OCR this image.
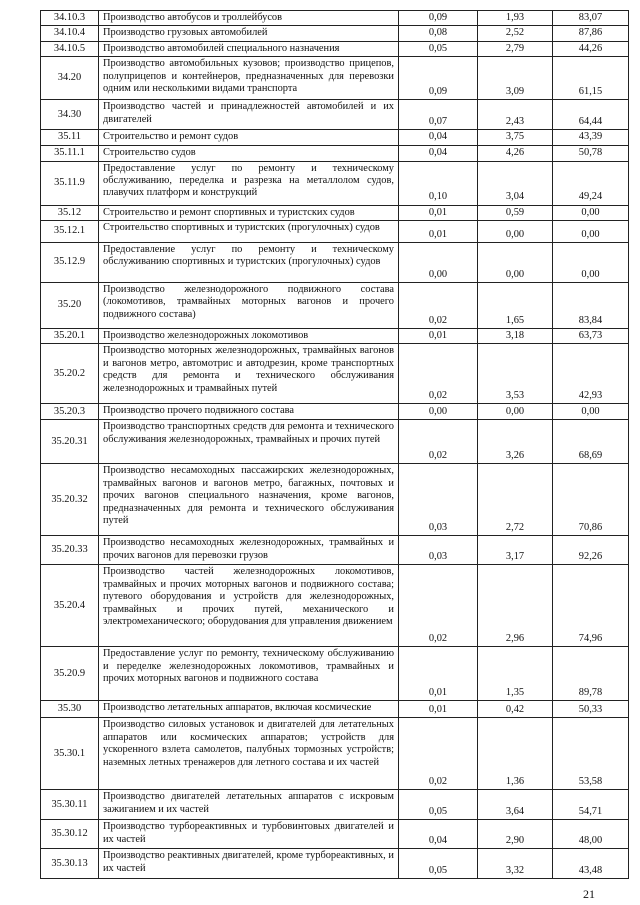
34.10.3	Производство автобусов и троллейбусов	0,09	1,93	83,07
34.10.4	Производство грузовых автомобилей	0,08	2,52	87,86
34.10.5	Производство автомобилей специального назначения	0,05	2,79	44,26
34.20	Производство автомобильных кузовов; производство прицепов, полуприцепов и контейнеров, предназначенных для перевозки одним или несколькими видами транспорта	0,09	3,09	61,15
34.30	Производство частей и принадлежностей автомобилей и их двигателей	0,07	2,43	64,44
35.11	Строительство и ремонт судов	0,04	3,75	43,39
35.11.1	Строительство судов	0,04	4,26	50,78
35.11.9	Предоставление услуг по ремонту и техническому обслуживанию, переделка и разрезка на металлолом судов, плавучих платформ и конструкций	0,10	3,04	49,24
35.12	Строительство и ремонт спортивных и туристских судов	0,01	0,59	0,00
35.12.1	Строительство спортивных и туристских (прогулочных) судов	0,01	0,00	0,00
35.12.9	Предоставление услуг по ремонту и техническому обслуживанию спортивных и туристских (прогулочных) судов	0,00	0,00	0,00
35.20	Производство железнодорожного подвижного состава (локомотивов, трамвайных моторных вагонов и прочего подвижного состава)	0,02	1,65	83,84
35.20.1	Производство железнодорожных локомотивов	0,01	3,18	63,73
35.20.2	Производство моторных железнодорожных, трамвайных вагонов и вагонов метро, автомотрис и автодрезин, кроме транспортных средств для ремонта и технического обслуживания железнодорожных и трамвайных путей	0,02	3,53	42,93
35.20.3	Производство прочего подвижного состава	0,00	0,00	0,00
35.20.31	Производство транспортных средств для ремонта и технического обслуживания железнодорожных, трамвайных и прочих путей	0,02	3,26	68,69
35.20.32	Производство несамоходных пассажирских железнодорожных, трамвайных вагонов и вагонов метро, багажных, почтовых и прочих вагонов специального назначения, кроме вагонов, предназначенных для ремонта и технического обслуживания путей	0,03	2,72	70,86
35.20.33	Производство несамоходных железнодорожных, трамвайных и прочих вагонов для перевозки грузов	0,03	3,17	92,26
35.20.4	Производство частей железнодорожных локомотивов, трамвайных и прочих моторных вагонов и подвижного состава; путевого оборудования и устройств для железнодорожных, трамвайных и прочих путей, механического и электромеханического; оборудования для управления движением	0,02	2,96	74,96
35.20.9	Предоставление услуг по ремонту, техническому обслуживанию и переделке железнодорожных локомотивов, трамвайных и прочих моторных вагонов и подвижного состава	0,01	1,35	89,78
35.30	Производство летательных аппаратов, включая космические	0,01	0,42	50,33
35.30.1	Производство силовых установок и двигателей для летательных аппаратов или космических аппаратов; устройств для ускоренного взлета самолетов, палубных тормозных устройств; наземных летных тренажеров для летного состава и их частей	0,02	1,36	53,58
35.30.11	Производство двигателей летательных аппаратов с искровым зажиганием и их частей	0,05	3,64	54,71
35.30.12	Производство турбореактивных и турбовинтовых двигателей и их частей	0,04	2,90	48,00
35.30.13	Производство реактивных двигателей, кроме турбореактивных, и их частей	0,05	3,32	43,48
21
